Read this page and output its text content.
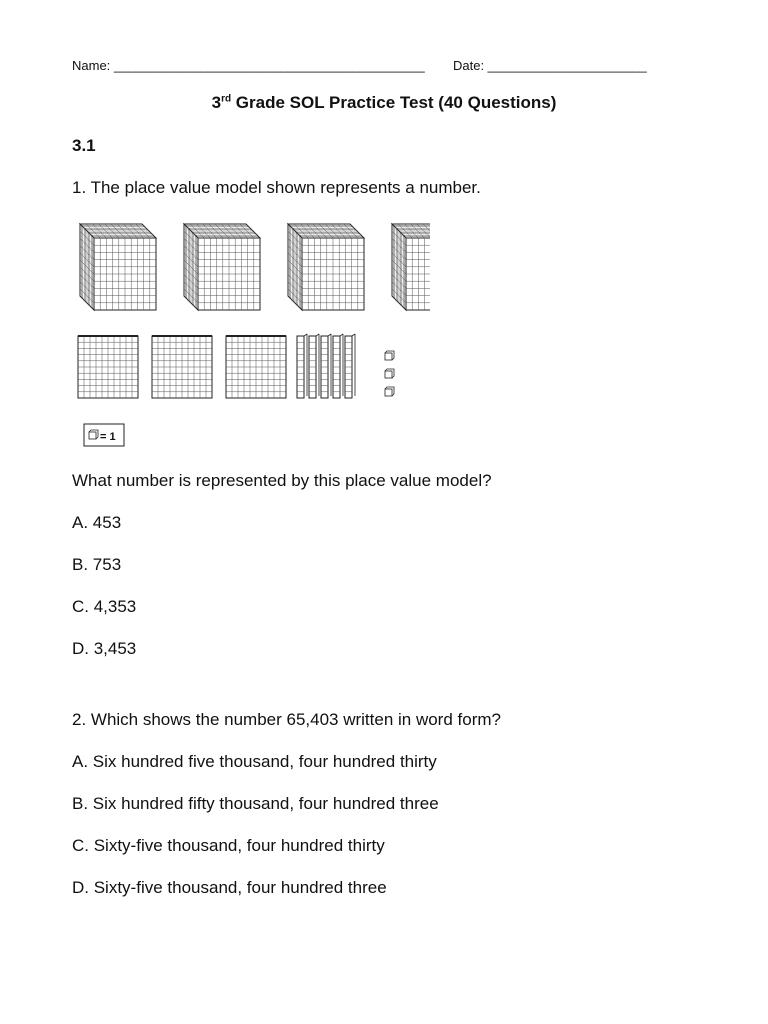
Name: ___________________________________________ Date: ______________________
3rd Grade SOL Practice Test (40 Questions)
3.1
1. The place value model shown represents a number.
= 1
What number is represented by this place value model?
A. 453
B. 753
C. 4,353
D. 3,453
2. Which shows the number 65,403 written in word form?
A. Six hundred five thousand, four hundred thirty
B. Six hundred fifty thousand, four hundred three
C. Sixty-five thousand, four hundred thirty
D. Sixty-five thousand, four hundred three
